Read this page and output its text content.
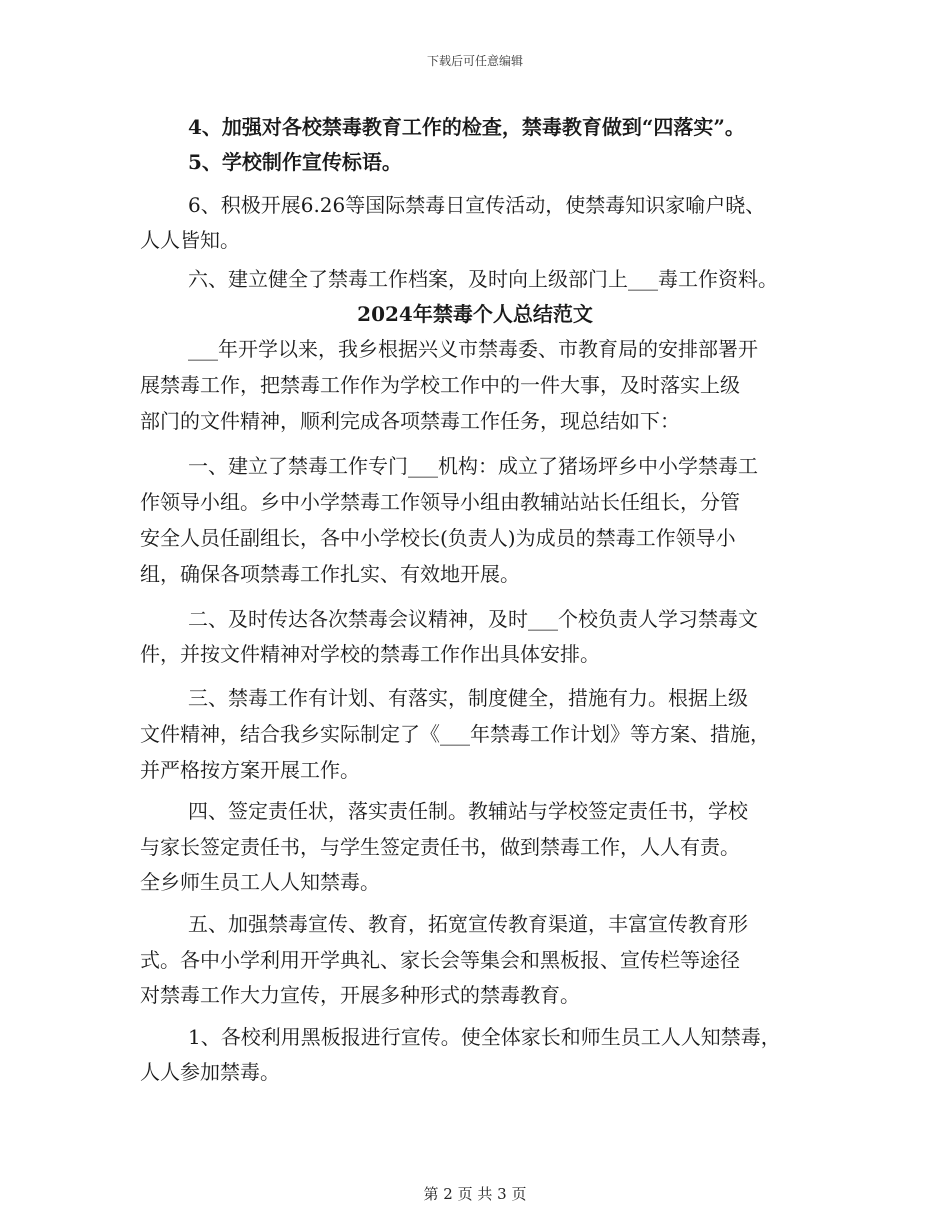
下载后可任意编辑
4、加强对各校禁毒教育工作的检查，禁毒教育做到“四落实”。
5、学校制作宣传标语。
6、积极开展6.26等国际禁毒日宣传活动，使禁毒知识家喻户晓、
人人皆知。
六、建立健全了禁毒工作档案，及时向上级部门上___毒工作资料。
2024年禁毒个人总结范文
___年开学以来，我乡根据兴义市禁毒委、市教育局的安排部署开
展禁毒工作，把禁毒工作作为学校工作中的一件大事，及时落实上级
部门的文件精神，顺利完成各项禁毒工作任务，现总结如下：
一、建立了禁毒工作专门___机构：成立了猪场坪乡中小学禁毒工
作领导小组。乡中小学禁毒工作领导小组由教辅站站长任组长，分管
安全人员任副组长，各中小学校长(负责人)为成员的禁毒工作领导小
组，确保各项禁毒工作扎实、有效地开展。
二、及时传达各次禁毒会议精神，及时___个校负责人学习禁毒文
件，并按文件精神对学校的禁毒工作作出具体安排。
三、禁毒工作有计划、有落实，制度健全，措施有力。根据上级
文件精神，结合我乡实际制定了《___年禁毒工作计划》等方案、措施，
并严格按方案开展工作。
四、签定责任状，落实责任制。教辅站与学校签定责任书，学校
与家长签定责任书，与学生签定责任书，做到禁毒工作，人人有责。
全乡师生员工人人知禁毒。
五、加强禁毒宣传、教育，拓宽宣传教育渠道，丰富宣传教育形
式。各中小学利用开学典礼、家长会等集会和黑板报、宣传栏等途径
对禁毒工作大力宣传，开展多种形式的禁毒教育。
1、各校利用黑板报进行宣传。使全体家长和师生员工人人知禁毒，
人人参加禁毒。
第 2 页 共 3 页
